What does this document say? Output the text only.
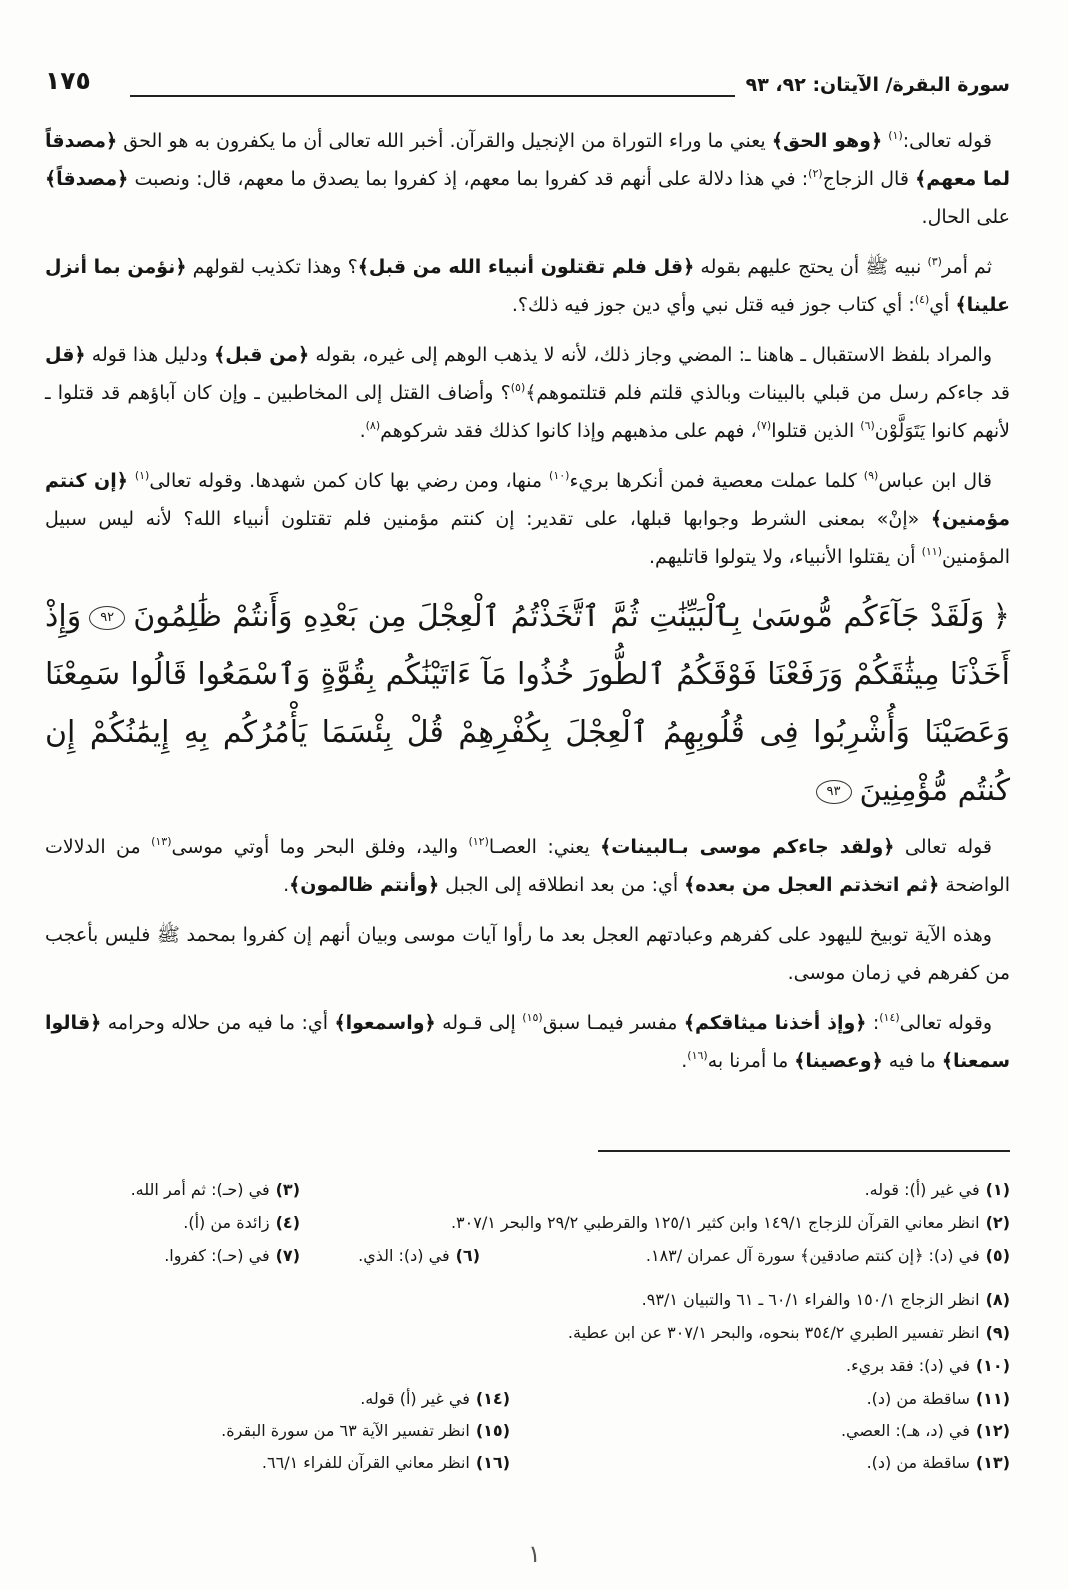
سورة البقرة/ الآيتان: ٩٢، ٩٣
١٧٥

قوله تعالى:$^{(١)}$ ﴿وهو الحق﴾ يعني ما وراء التوراة من الإنجيل والقرآن. أخبر الله تعالى أن ما يكفرون به هو الحق ﴿مصدقاً لما معهم﴾ قال الزجاج$^{(٢)}$: في هذا دلالة على أنهم قد كفروا بما معهم، إذ كفروا بما يصدق ما معهم، قال: ونصبت ﴿مصدقاً﴾ على الحال.

ثم أمر$^{(٣)}$ نبيه ﷺ أن يحتج عليهم بقوله ﴿قل فلم تقتلون أنبياء الله من قبل﴾؟ وهذا تكذيب لقولهم ﴿نؤمن بما أنزل علينا﴾ أي$^{(٤)}$: أي كتاب جوز فيه قتل نبي وأي دين جوز فيه ذلك؟.

والمراد بلفظ الاستقبال ـ هاهنا ـ: المضي وجاز ذلك، لأنه لا يذهب الوهم إلى غيره، بقوله ﴿من قبل﴾ ودليل هذا قوله ﴿قل قد جاءكم رسل من قبلي بالبينات وبالذي قلتم فلم قتلتموهم﴾$^{(٥)}$؟ وأضاف القتل إلى المخاطبين ـ وإن كان آباؤهم قد قتلوا ـ لأنهم كانوا يَتَوَلَّوْن$^{(٦)}$ الذين قتلوا$^{(٧)}$، فهم على مذهبهم وإذا كانوا كذلك فقد شركوهم$^{(٨)}$.

قال ابن عباس$^{(٩)}$ كلما عملت معصية فمن أنكرها بريء$^{(١٠)}$ منها، ومن رضي بها كان كمن شهدها. وقوله تعالى$^{(١)}$ ﴿إن كنتم مؤمنين﴾ «إنْ» بمعنى الشرط وجوابها قبلها، على تقدير: إن كنتم مؤمنين فلم تقتلون أنبياء الله؟ لأنه ليس سبيل المؤمنين$^{(١١)}$ أن يقتلوا الأنبياء، ولا يتولوا قاتليهم.

﴿وَلَقَدْ جَآءَكُم مُّوسَىٰ بِٱلْبَيِّنَٰتِ ثُمَّ ٱتَّخَذْتُمُ ٱلْعِجْلَ مِن بَعْدِهِ وَأَنتُمْ ظَٰلِمُونَ٩٢وَإِذْ أَخَذْنَا مِيثَٰقَكُمْ وَرَفَعْنَا فَوْقَكُمُ ٱلطُّورَ خُذُوا مَآ ءَاتَيْنَٰكُم بِقُوَّةٍ وَٱسْمَعُوا قَالُوا سَمِعْنَا وَعَصَيْنَا وَأُشْرِبُوا فِى قُلُوبِهِمُ ٱلْعِجْلَ بِكُفْرِهِمْ قُلْ بِئْسَمَا يَأْمُرُكُم بِهِ إِيمَٰنُكُمْ إِن كُنتُم مُّؤْمِنِينَ٩٣

قوله تعالى ﴿ولقد جاءكم موسى بـالبينات﴾ يعني: العصـا$^{(١٢)}$ واليد، وفلق البحر وما أوتي موسى$^{(١٣)}$ من الدلالات الواضحة ﴿ثم اتخذتم العجل من بعده﴾ أي: من بعد انطلاقه إلى الجبل ﴿وأنتم ظالمون﴾.

وهذه الآية توبيخ لليهود على كفرهم وعبادتهم العجل بعد ما رأوا آيات موسى وبيان أنهم إن كفروا بمحمد ﷺ فليس بأعجب من كفرهم في زمان موسى.

وقوله تعالى$^{(١٤)}$: ﴿وإذ أخذنا ميثاقكم﴾ مفسر فيمـا سبق$^{(١٥)}$ إلى قـوله ﴿واسمعوا﴾ أي: ما فيه من حلاله وحرامه ﴿قالوا سمعنا﴾ ما فيه ﴿وعصينا﴾ ما أمرنا به$^{(١٦)}$.

(١)في غير (أ): قوله.
(٢)انظر معاني القرآن للزجاج ١٤٩/١ وابن كثير ١٢٥/١ والقرطبي ٢٩/٢ والبحر ٣٠٧/١.
(٣)في (حـ): ثم أمر الله.
(٤)زائدة من (أ).
(٥)في (د): ﴿إن كنتم صادقين﴾ سورة آل عمران /١٨٣.
(٦)في (د): الذي.
(٧)في (حـ): كفروا.
(٨)انظر الزجاج ١٥٠/١ والفراء ٦٠/١ ـ ٦١ والتبيان ٩٣/١.
(٩)انظر تفسير الطبري ٣٥٤/٢ بنحوه، والبحر ٣٠٧/١ عن ابن عطية.
(١٠)في (د): فقد بريء.
(١١)ساقطة من (د).
(١٢)في (د، هـ): العصي.
(١٣)ساقطة من (د).
(١٤)في غير (أ) قوله.
(١٥)انظر تفسير الآية ٦٣ من سورة البقرة.
(١٦)انظر معاني القرآن للفراء ٦٦/١.
١
